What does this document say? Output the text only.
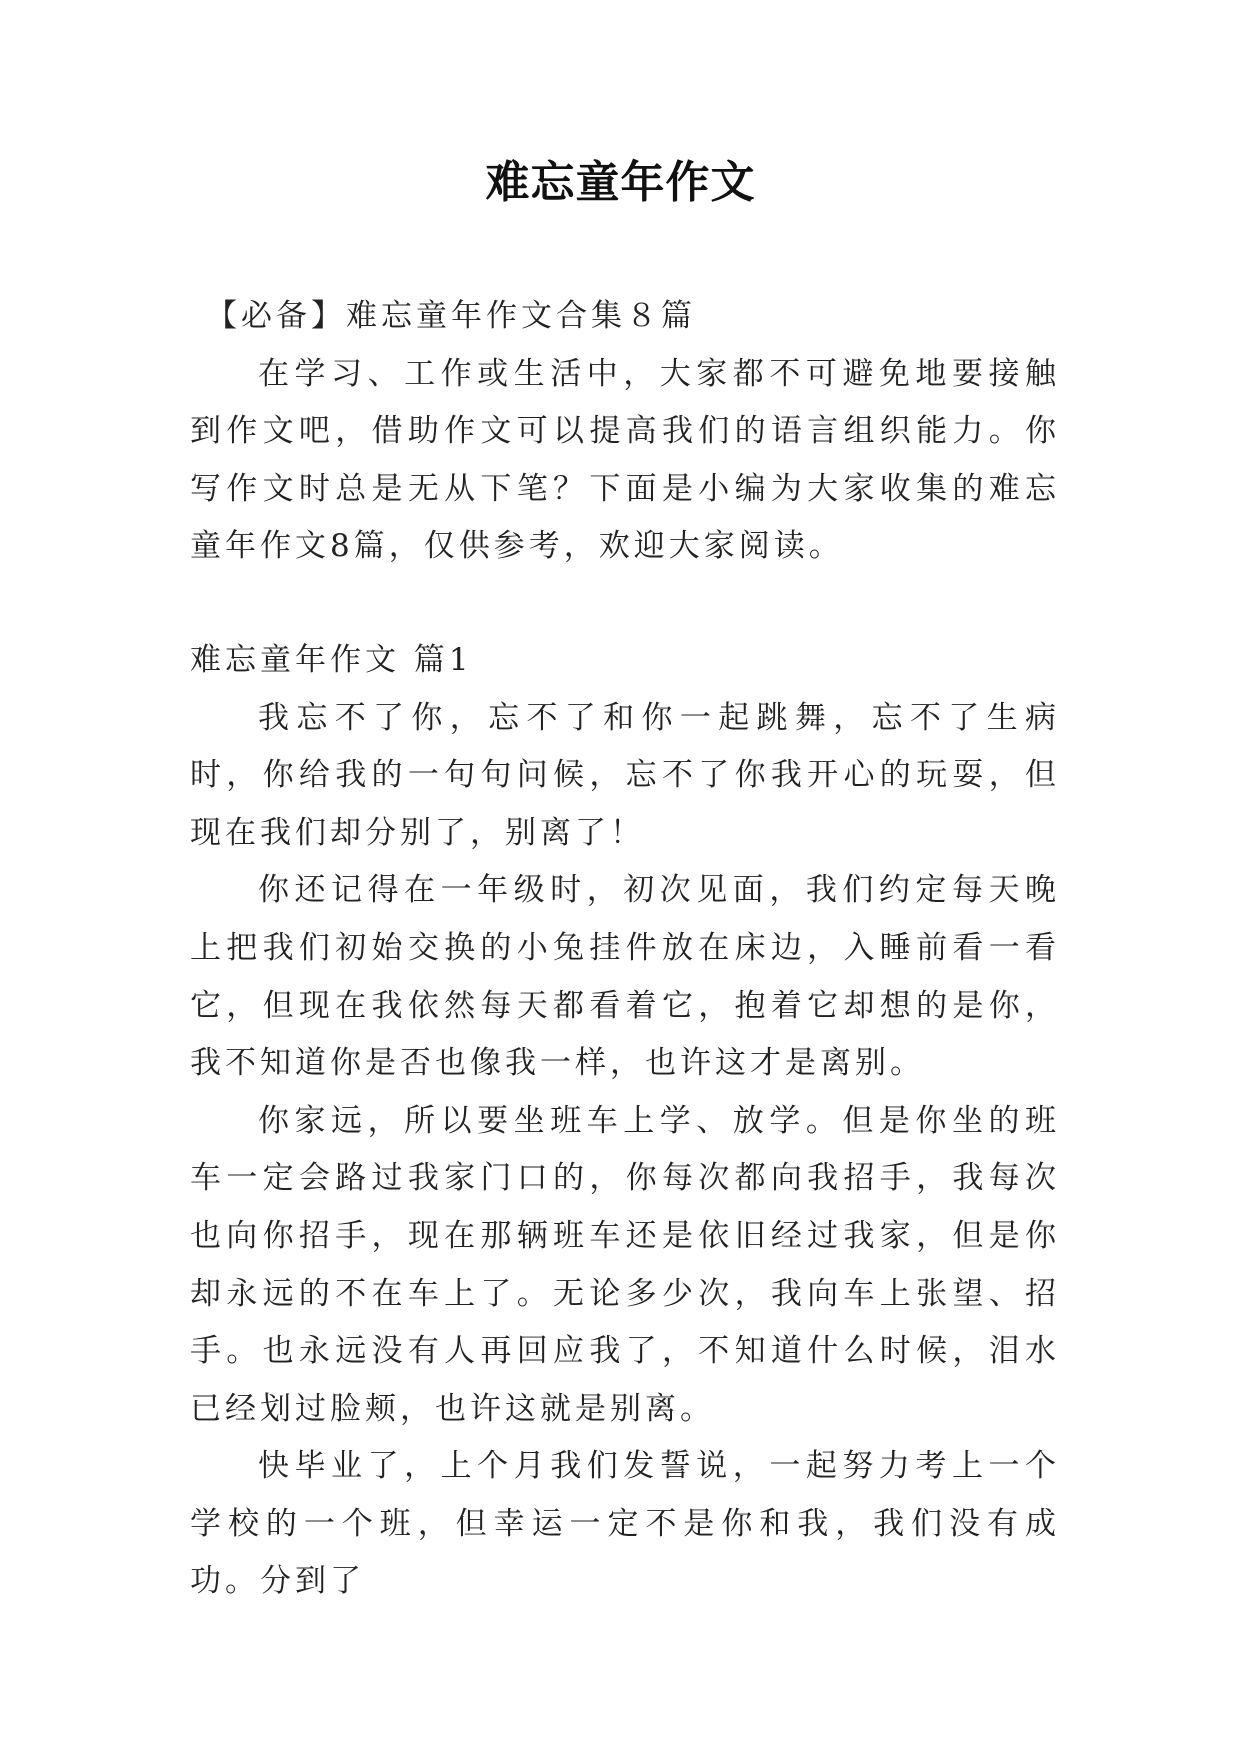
难忘童年作文

【必备】难忘童年作文合集８篇

在学习、工作或生活中，大家都不可避免地要接触到作文吧，借助作文可以提高我们的语言组织能力。你写作文时总是无从下笔？下面是小编为大家收集的难忘童年作文8篇，仅供参考，欢迎大家阅读。

难忘童年作文 篇1

我忘不了你，忘不了和你一起跳舞，忘不了生病时，你给我的一句句问候，忘不了你我开心的玩耍，但现在我们却分别了，别离了！

你还记得在一年级时，初次见面，我们约定每天晚上把我们初始交换的小兔挂件放在床边，入睡前看一看它，但现在我依然每天都看着它，抱着它却想的是你，我不知道你是否也像我一样，也许这才是离别。

你家远，所以要坐班车上学、放学。但是你坐的班车一定会路过我家门口的，你每次都向我招手，我每次也向你招手，现在那辆班车还是依旧经过我家，但是你却永远的不在车上了。无论多少次，我向车上张望、招手。也永远没有人再回应我了，不知道什么时候，泪水已经划过脸颊，也许这就是别离。

快毕业了，上个月我们发誓说，一起努力考上一个学校的一个班，但幸运一定不是你和我，我们没有成功。分到了
